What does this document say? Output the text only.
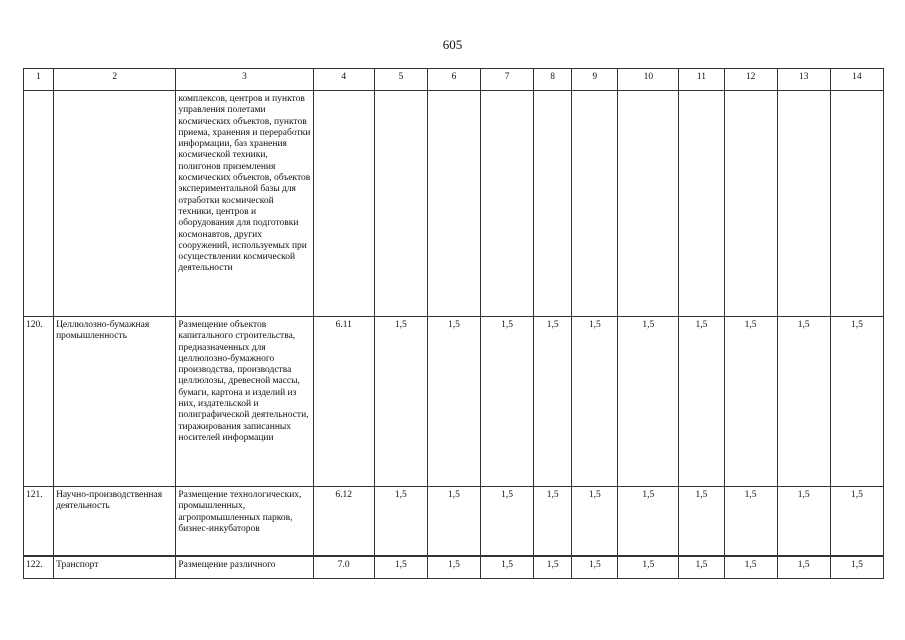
605
1	2	3	4	5	6	7	8	9	10	11	12	13	14
		комплексов, центров и пунктов управления полетами космических объектов, пунктов приема, хранения и переработки информации, баз хранения космической техники, полигонов приземления космических объектов, объектов экспериментальной базы для отработки космической техники, центров и оборудования для подготовки космонавтов, других сооружений, используемых при осуществлении космической деятельности											
120.	Целлюлозно-бумажная промышленность	Размещение объектов капитального строительства, предназначенных для целлюлозно-бумажного производства, производства целлюлозы, древесной массы, бумаги, картона и изделий из них, издательской и полиграфической деятельности, тиражирования записанных носителей информации	6.11	1,5	1,5	1,5	1,5	1,5	1,5	1,5	1,5	1,5	1,5
121.	Научно-производственная деятельность	Размещение технологических, промышленных, агропромышленных парков, бизнес-инкубаторов	6.12	1,5	1,5	1,5	1,5	1,5	1,5	1,5	1,5	1,5	1,5
122.	Транспорт	Размещение различного	7.0	1,5	1,5	1,5	1,5	1,5	1,5	1,5	1,5	1,5	1,5
